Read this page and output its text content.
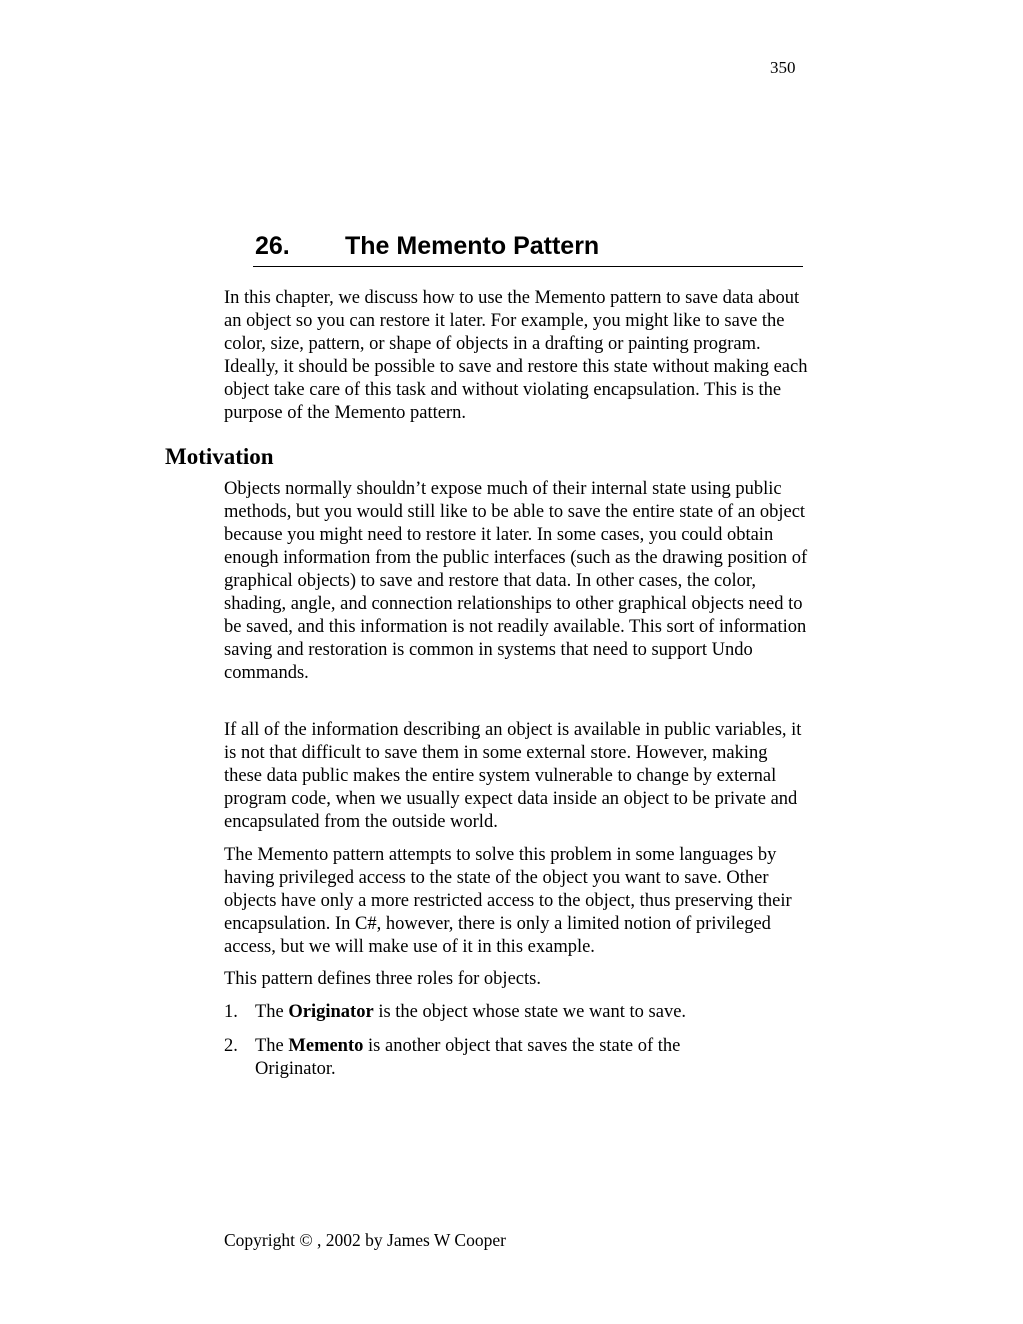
350
26. The Memento Pattern

In this chapter, we discuss how to use the Memento pattern to save data about an object so you can restore it later. For example, you might like to save the color, size, pattern, or shape of objects in a drafting or painting program. Ideally, it should be possible to save and restore this state without making each object take care of this task and without violating encapsulation. This is the purpose of the Memento pattern.

Motivation

Objects normally shouldn’t expose much of their internal state using public methods, but you would still like to be able to save the entire state of an object because you might need to restore it later. In some cases, you could obtain enough information from the public interfaces (such as the drawing position of graphical objects) to save and restore that data. In other cases, the color, shading, angle, and connection relationships to other graphical objects need to be saved, and this information is not readily available. This sort of information saving and restoration is common in systems that need to support Undo commands.

If all of the information describing an object is available in public variables, it is not that difficult to save them in some external store. However, making these data public makes the entire system vulnerable to change by external program code, when we usually expect data inside an object to be private and encapsulated from the outside world.

The Memento pattern attempts to solve this problem in some languages by having privileged access to the state of the object you want to save. Other objects have only a more restricted access to the object, thus preserving their encapsulation. In C#, however, there is only a limited notion of privileged access, but we will make use of it in this example.

This pattern defines three roles for objects.

1. The Originator is the object whose state we want to save.
2. The Memento is another object that saves the state of the Originator.
Copyright © , 2002 by James W Cooper
